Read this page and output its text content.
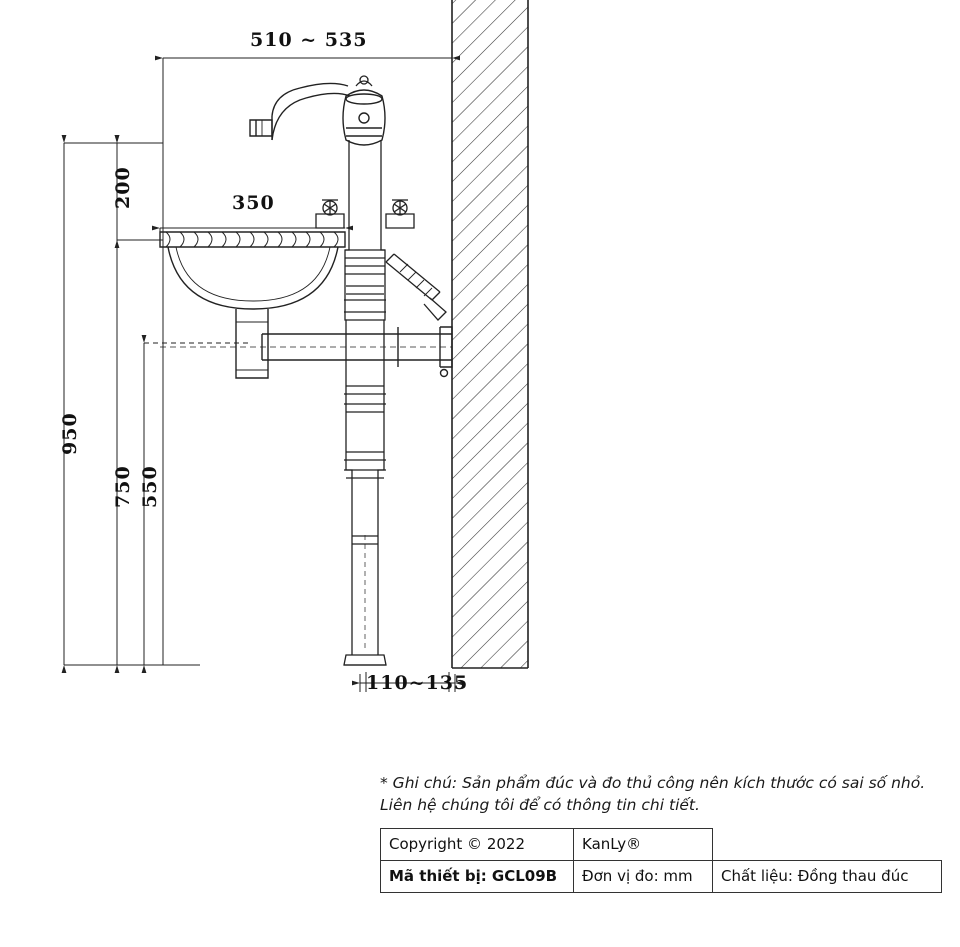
510 ~ 535
350
200
950
750 550
110~135
* Ghi chú: Sản phẩm đúc và đo thủ công nên kích thước có sai số nhỏ.
Liên hệ chúng tôi để có thông tin chi tiết.
Copyright © 2022	KanLy®	
Mã thiết bị: GCL09B	Đơn vị đo: mm	Chất liệu: Đồng thau đúc
